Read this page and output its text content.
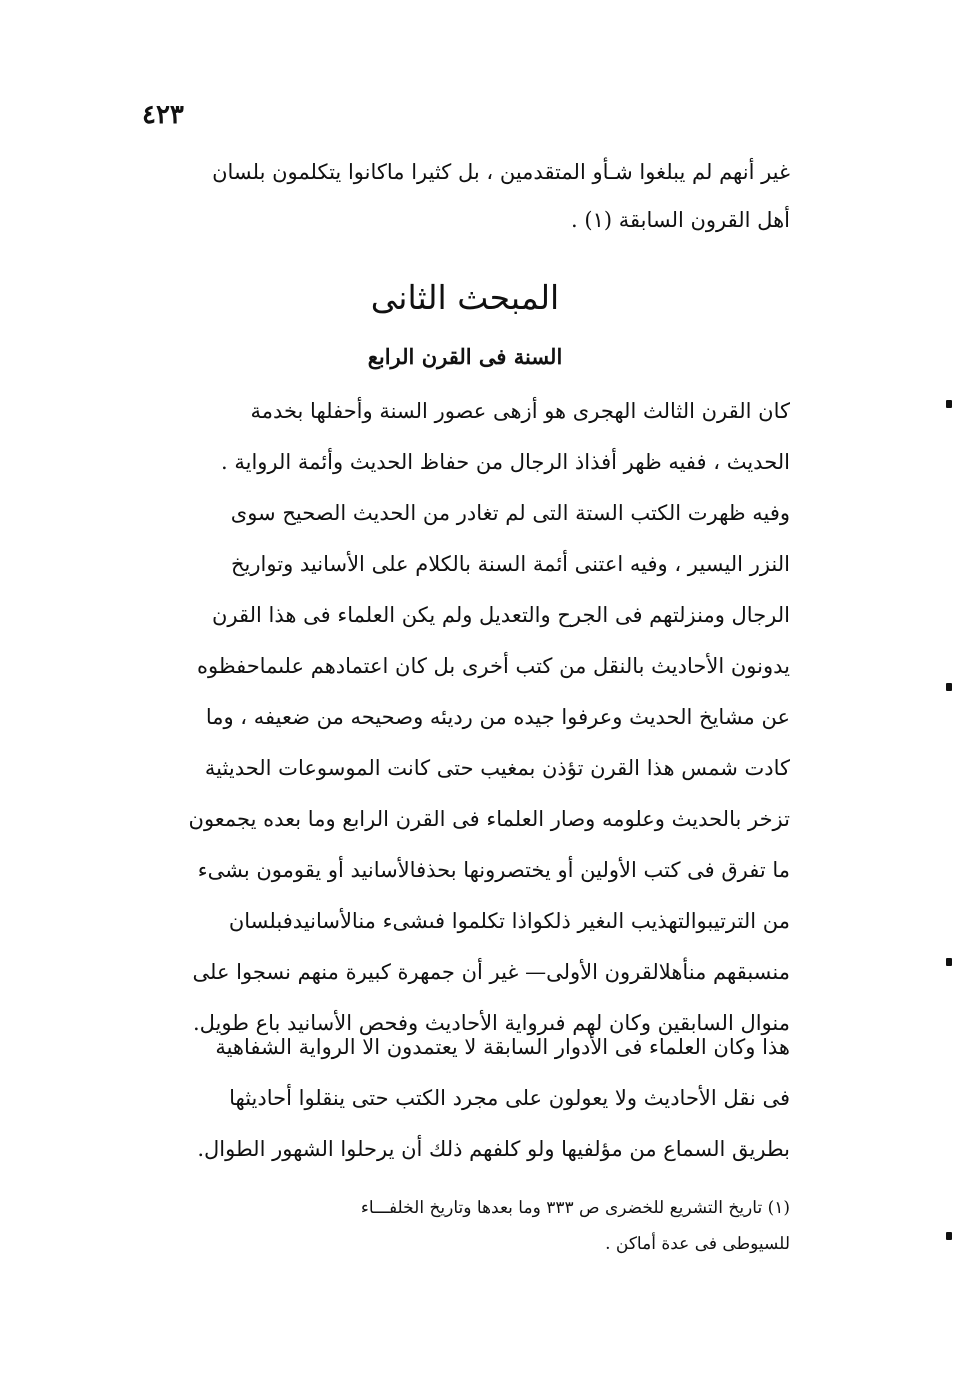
٤٢٣
غير أنهم لم يبلغوا شـأو المتقدمين ، بل كثيرا ماكانوا يتكلمون بلسان
أهل القرون السابقة (١) .
المبحث الثانى
السنة فى القرن الرابع
كان القرن الثالث الهجرى هو أزهى عصور السنة وأحفلها بخدمة
الحديث ، ففيه ظهر أفذاذ الرجال من حفاظ الحديث وأئمة الرواية .
وفيه ظهرت الكتب الستة التى لم تغادر من الحديث الصحيح سوى
النزر اليسير ، وفيه اعتنى أئمة السنة بالكلام على الأسانيد وتواريخ
الرجال ومنزلتهم فى الجرح والتعديل ولم يكن العلماء فى هذا القرن
يدونون الأحاديث بالنقل من كتب أخرى بل كان اعتمادهم علىماحفظوه
عن مشايخ الحديث وعرفوا جيده من رديئه وصحيحه من ضعيفه ، وما
كادت شمس هذا القرن تؤذن بمغيب حتى كانت الموسوعات الحديثية
تزخر بالحديث وعلومه وصار العلماء فى القرن الرابع وما بعده يجمعون
ما تفرق فى كتب الأولين أو يختصرونها بحذفالأسانيد أو يقومون بشىء
من الترتيبوالتهذيب الىغير ذلكواذا تكلموا فىشىء منالأسانيدفبلسان
منسبقهم منأهلالقرون الأولى— غير أن جمهرة كبيرة منهم نسجوا على
منوال السابقين وكان لهم فىرواية الأحاديث وفحص الأسانيد باع طويل.
هذا وكان العلماء فى الأدوار السابقة لا يعتمدون الا الرواية الشفاهية
فى نقل الأحاديث ولا يعولون على مجرد الكتب حتى ينقلوا أحاديثها
بطريق السماع من مؤلفيها ولو كلفهم ذلك أن يرحلوا الشهور الطوال.
(١) تاريخ التشريع للخضرى ص ٣٣٣ وما بعدها وتاريخ الخلفـــاء
للسيوطى فى عدة أماكن .
